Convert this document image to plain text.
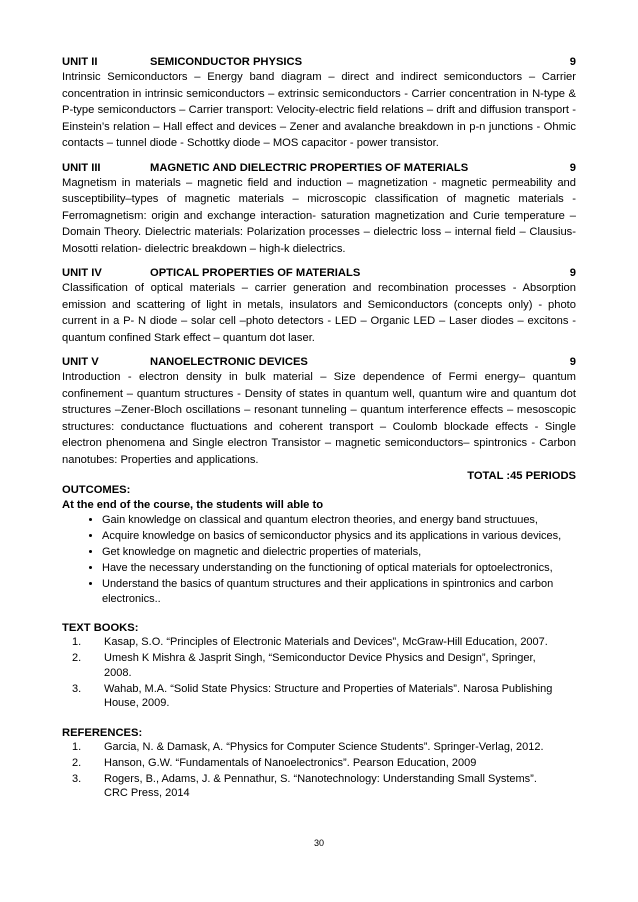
UNIT II	SEMICONDUCTOR PHYSICS	9
Intrinsic Semiconductors – Energy band diagram – direct and indirect semiconductors – Carrier concentration in intrinsic semiconductors – extrinsic semiconductors - Carrier concentration in N-type & P-type semiconductors – Carrier transport: Velocity-electric field relations – drift and diffusion transport - Einstein’s relation – Hall effect and devices – Zener and avalanche breakdown in p-n junctions - Ohmic contacts – tunnel diode - Schottky diode – MOS capacitor - power transistor.
UNIT III	MAGNETIC AND DIELECTRIC PROPERTIES OF MATERIALS	9
Magnetism in materials – magnetic field and induction – magnetization - magnetic permeability and susceptibility–types of magnetic materials – microscopic classification of magnetic materials - Ferromagnetism: origin and exchange interaction- saturation magnetization and Curie temperature – Domain Theory. Dielectric materials: Polarization processes – dielectric loss – internal field – Clausius-Mosotti relation- dielectric breakdown – high-k dielectrics.
UNIT IV	OPTICAL PROPERTIES OF MATERIALS	9
Classification of optical materials – carrier generation and recombination processes - Absorption emission and scattering of light in metals, insulators and Semiconductors (concepts only) - photo current in a P- N diode – solar cell –photo detectors - LED – Organic LED – Laser diodes – excitons - quantum confined Stark effect – quantum dot laser.
UNIT V	NANOELECTRONIC DEVICES	9
Introduction - electron density in bulk material – Size dependence of Fermi energy– quantum confinement – quantum structures - Density of states in quantum well, quantum wire and quantum dot structures –Zener-Bloch oscillations – resonant tunneling – quantum interference effects – mesoscopic structures: conductance fluctuations and coherent transport – Coulomb blockade effects - Single electron phenomena and Single electron Transistor – magnetic semiconductors– spintronics - Carbon nanotubes: Properties and applications.
TOTAL :45 PERIODS
OUTCOMES:
At the end of the course, the students will able to
• Gain knowledge on classical and quantum electron theories, and energy band structuues,
• Acquire knowledge on basics of semiconductor physics and its applications in various devices,
• Get knowledge on magnetic and dielectric properties of materials,
• Have the necessary understanding on the functioning of optical materials for optoelectronics,
• Understand the basics of quantum structures and their applications in spintronics and carbon electronics..
TEXT BOOKS:
1.	Kasap, S.O. “Principles of Electronic Materials and Devices”, McGraw-Hill Education, 2007.
2.	Umesh K Mishra & Jasprit Singh, “Semiconductor Device Physics and Design”, Springer, 2008.
3.	Wahab, M.A. “Solid State Physics: Structure and Properties of Materials”. Narosa Publishing House, 2009.
REFERENCES:
1.	Garcia, N. & Damask, A. “Physics for Computer Science Students”. Springer-Verlag, 2012.
2.	Hanson, G.W. “Fundamentals of Nanoelectronics”. Pearson Education, 2009
3.	Rogers, B., Adams, J. & Pennathur, S. “Nanotechnology: Understanding Small Systems”. CRC Press, 2014
30
